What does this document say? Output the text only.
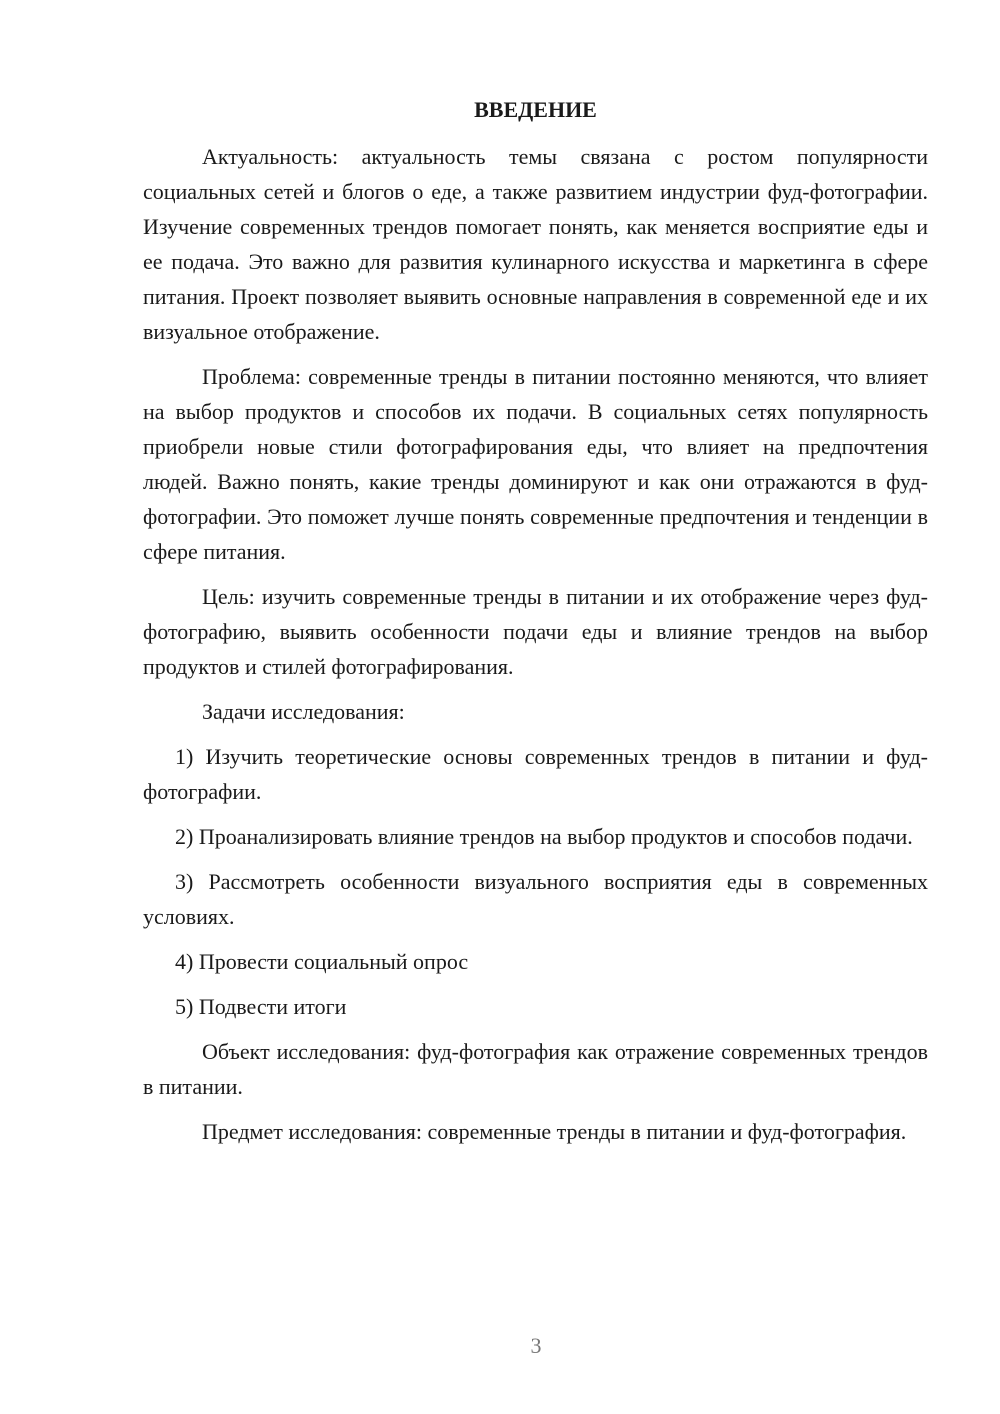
ВВЕДЕНИЕ

Актуальность: актуальность темы связана с ростом популярности социальных сетей и блогов о еде, а также развитием индустрии фуд-фотографии. Изучение современных трендов помогает понять, как меняется восприятие еды и ее подача. Это важно для развития кулинарного искусства и маркетинга в сфере питания. Проект позволяет выявить основные направления в современной еде и их визуальное отображение.

Проблема: современные тренды в питании постоянно меняются, что влияет на выбор продуктов и способов их подачи. В социальных сетях популярность приобрели новые стили фотографирования еды, что влияет на предпочтения людей. Важно понять, какие тренды доминируют и как они отражаются в фуд-фотографии. Это поможет лучше понять современные предпочтения и тенденции в сфере питания.

Цель: изучить современные тренды в питании и их отображение через фуд-фотографию, выявить особенности подачи еды и влияние трендов на выбор продуктов и стилей фотографирования.

Задачи исследования:

1) Изучить теоретические основы современных трендов в питании и фуд-фотографии.

2) Проанализировать влияние трендов на выбор продуктов и способов подачи.

3) Рассмотреть особенности визуального восприятия еды в современных условиях.

4) Провести социальный опрос

5) Подвести итоги

Объект исследования: фуд-фотография как отражение современных трендов в питании.

Предмет исследования: современные тренды в питании и фуд-фотография.

3
